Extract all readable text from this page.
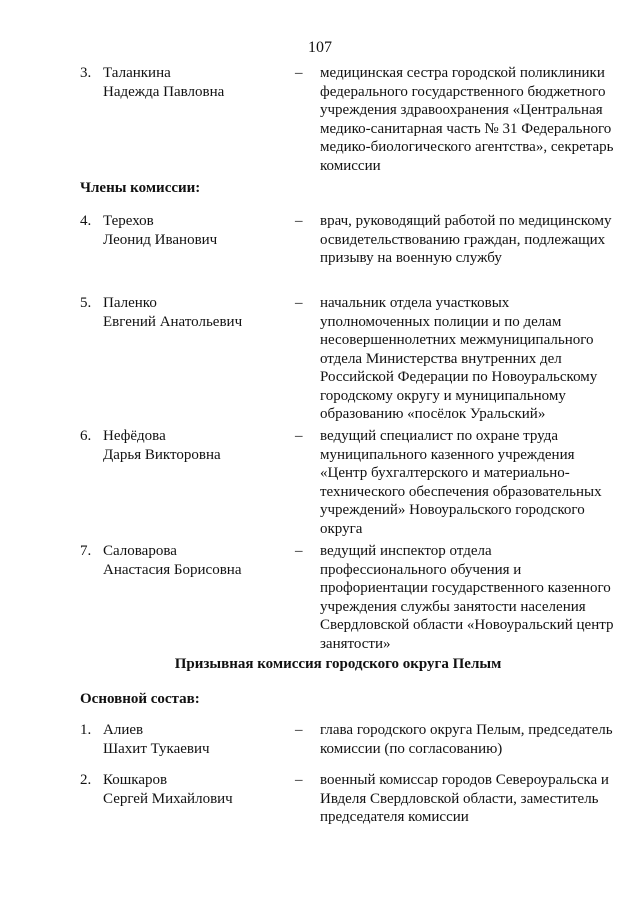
107
3. Таланкина
Надежда Павловна
–	медицинская сестра городской поликлиники федерального государственного бюджетного учреждения здравоохранения «Центральная медико-санитарная часть № 31 Федерального медико-биологического агентства», секретарь комиссии
Члены комиссии:
4. Терехов
Леонид Иванович
–	врач, руководящий работой по медицинскому освидетельствованию граждан, подлежащих призыву на военную службу
5. Паленко
Евгений Анатольевич
–	начальник отдела участковых уполномоченных полиции и по делам несовершеннолетних межмуниципального отдела Министерства внутренних дел Российской Федерации по Новоуральскому городскому округу и муниципальному образованию «посёлок Уральский»
6. Нефёдова
Дарья Викторовна
–	ведущий специалист по охране труда муниципального казенного учреждения «Центр бухгалтерского и материально-технического обеспечения образовательных учреждений» Новоуральского городского округа
7. Саловарова
Анастасия Борисовна
–	ведущий инспектор отдела профессионального обучения и профориентации государственного казенного учреждения службы занятости населения Свердловской области «Новоуральский центр занятости»
Призывная комиссия городского округа Пелым
Основной состав:
1. Алиев
Шахит Тукаевич
–	глава городского округа Пелым, председатель комиссии (по согласованию)
2. Кошкаров
Сергей Михайлович
–	военный комиссар городов Североуральска и Ивделя Свердловской области, заместитель председателя комиссии
